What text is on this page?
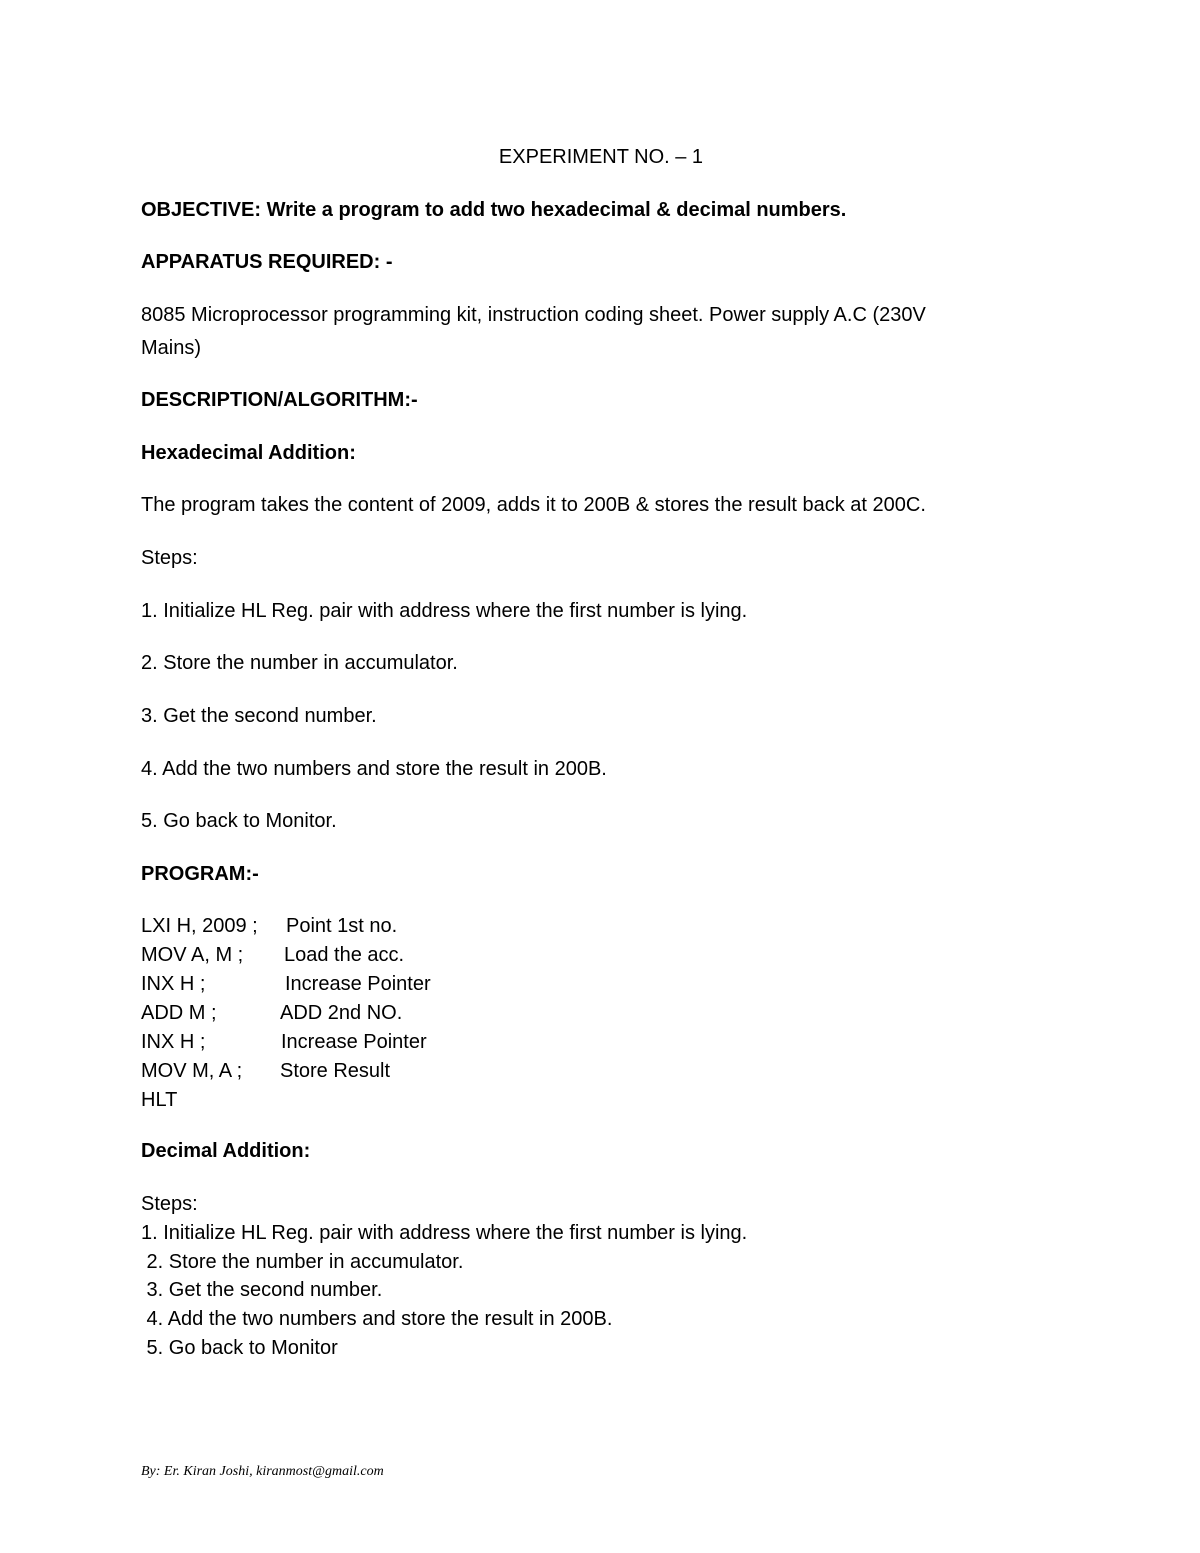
EXPERIMENT NO. – 1
OBJECTIVE: Write a program to add two hexadecimal & decimal numbers.
APPARATUS REQUIRED: -
8085 Microprocessor programming kit, instruction coding sheet. Power supply A.C (230V
Mains)
DESCRIPTION/ALGORITHM:-
Hexadecimal Addition:
The program takes the content of 2009, adds it to 200B & stores the result back at 200C.
Steps:
1. Initialize HL Reg. pair with address where the first number is lying.
2. Store the number in accumulator.
3. Get the second number.
4. Add the two numbers and store the result in 200B.
5. Go back to Monitor.
PROGRAM:-
LXI H, 2009 ; Point 1st no.
MOV A, M ; Load the acc.
INX H ;	Increase Pointer
ADD M ;	ADD 2nd NO.
INX H ;	Increase Pointer
MOV M, A ; Store Result
HLT
Decimal Addition:
Steps:
1. Initialize HL Reg. pair with address where the first number is lying.
2. Store the number in accumulator.
3. Get the second number.
4. Add the two numbers and store the result in 200B.
5. Go back to Monitor
By: Er. Kiran Joshi, kiranmost@gmail.com
